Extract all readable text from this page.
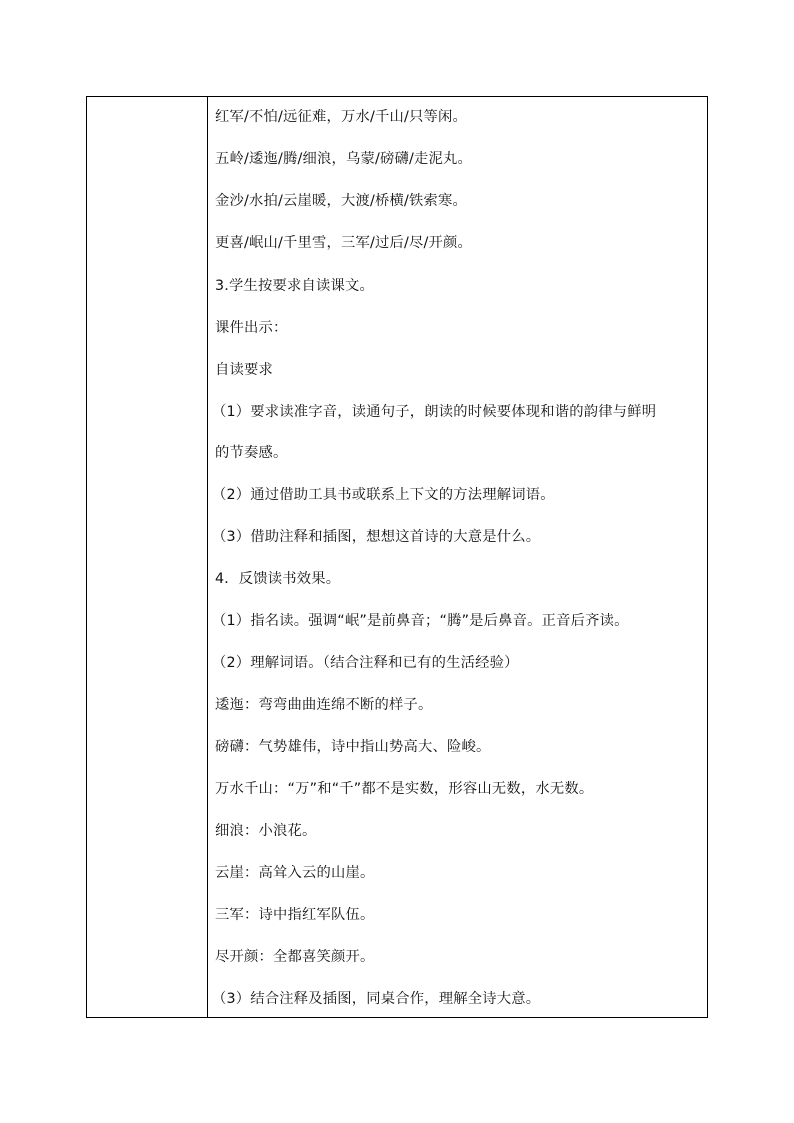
红军/不怕/远征难，万水/千山/只等闲。
五岭/逶迤/腾/细浪，乌蒙/磅礴/走泥丸。
金沙/水拍/云崖暖，大渡/桥横/铁索寒。
更喜/岷山/千里雪，三军/过后/尽/开颜。
3.学生按要求自读课文。
课件出示：
自读要求
（1）要求读准字音，读通句子，朗读的时候要体现和谐的韵律与鲜明
的节奏感。
（2）通过借助工具书或联系上下文的方法理解词语。
（3）借助注释和插图，想想这首诗的大意是什么。
4．反馈读书效果。
（1）指名读。强调“岷”是前鼻音；“腾”是后鼻音。正音后齐读。
（2）理解词语。（结合注释和已有的生活经验）
逶迤：弯弯曲曲连绵不断的样子。
磅礴：气势雄伟，诗中指山势高大、险峻。
万水千山：“万”和“千”都不是实数，形容山无数，水无数。
细浪：小浪花。
云崖：高耸入云的山崖。
三军：诗中指红军队伍。
尽开颜：全都喜笑颜开。
（3）结合注释及插图，同桌合作，理解全诗大意。
